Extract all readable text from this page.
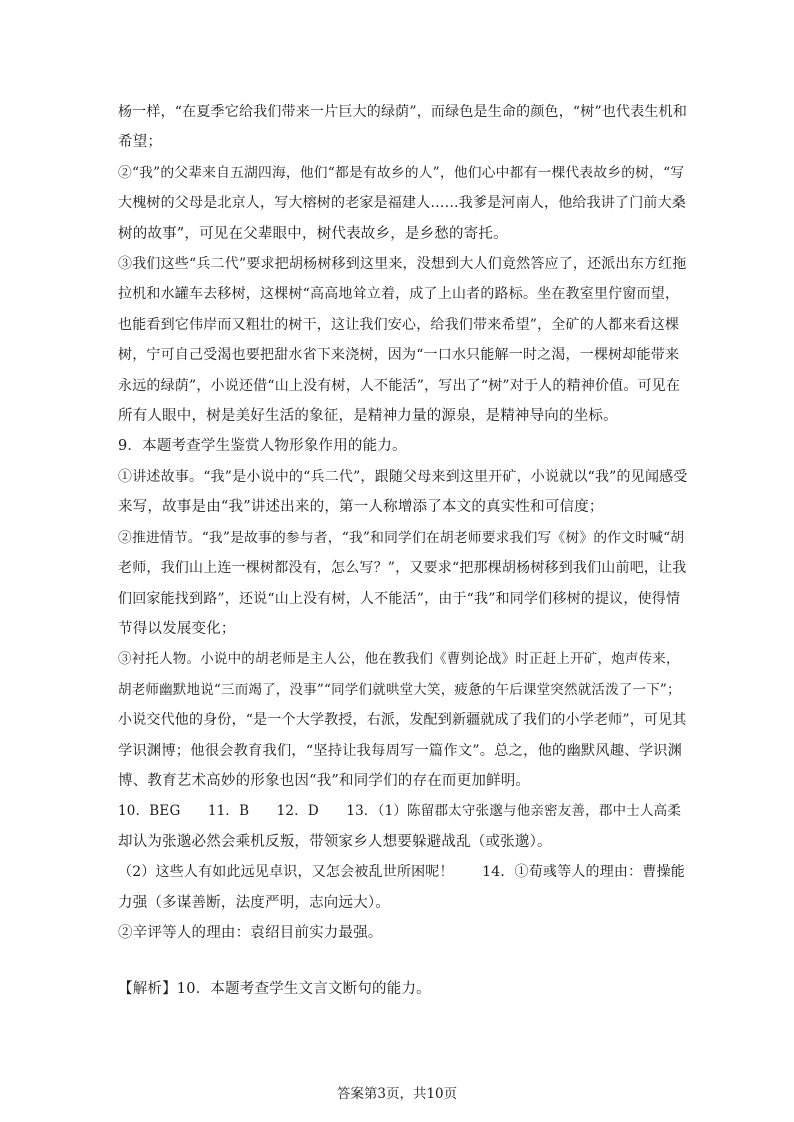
杨一样，“在夏季它给我们带来一片巨大的绿荫”，而绿色是生命的颜色，“树”也代表生机和
希望；
②“我”的父辈来自五湖四海，他们“都是有故乡的人”，他们心中都有一棵代表故乡的树，“写
大槐树的父母是北京人，写大榕树的老家是福建人……我爹是河南人，他给我讲了门前大桑
树的故事”，可见在父辈眼中，树代表故乡，是乡愁的寄托。
③我们这些“兵二代”要求把胡杨树移到这里来，没想到大人们竟然答应了，还派出东方红拖
拉机和水罐车去移树，这棵树“高高地耸立着，成了上山者的路标。坐在教室里佇窗而望，
也能看到它伟岸而又粗壮的树干，这让我们安心，给我们带来希望”，全矿的人都来看这棵
树，宁可自己受渴也要把甜水省下来浇树，因为“一口水只能解一时之渴，一棵树却能带来
永远的绿荫”，小说还借“山上没有树，人不能活”，写出了“树”对于人的精神价值。可见在
所有人眼中，树是美好生活的象征，是精神力量的源泉，是精神导向的坐标。
9．本题考查学生鉴赏人物形象作用的能力。
①讲述故事。“我”是小说中的“兵二代”，跟随父母来到这里开矿，小说就以“我”的见闻感受
来写，故事是由“我”讲述出来的，第一人称增添了本文的真实性和可信度；
②推进情节。“我”是故事的参与者，“我”和同学们在胡老师要求我们写《树》的作文时喊“胡
老师，我们山上连一棵树都没有，怎么写？”，又要求“把那棵胡杨树移到我们山前吧，让我
们回家能找到路”，还说“山上没有树，人不能活”，由于“我”和同学们移树的提议，使得情
节得以发展变化；
③衬托人物。小说中的胡老师是主人公，他在教我们《曹刿论战》时正赶上开矿，炮声传来，
胡老师幽默地说“三而竭了，没事”“同学们就哄堂大笑，疲惫的午后课堂突然就活泼了一下”；
小说交代他的身份，“是一个大学教授，右派，发配到新疆就成了我们的小学老师”，可见其
学识渊博；他很会教育我们，“坚持让我每周写一篇作文”。总之，他的幽默风趣、学识渊
博、教育艺术高妙的形象也因“我”和同学们的存在而更加鲜明。
10．BEG　　11．B　　12．D　　13．（1）陈留郡太守张邈与他亲密友善，郡中士人高柔
却认为张邈必然会乘机反叛，带领家乡人想要躲避战乱（或张邈）。
（2）这些人有如此远见卓识，又怎会被乱世所困呢！　　14．①荀彧等人的理由：曹操能
力强（多谋善断，法度严明，志向远大）。
②辛评等人的理由：袁绍目前实力最强。
【解析】10．本题考查学生文言文断句的能力。
答案第3页，共10页
